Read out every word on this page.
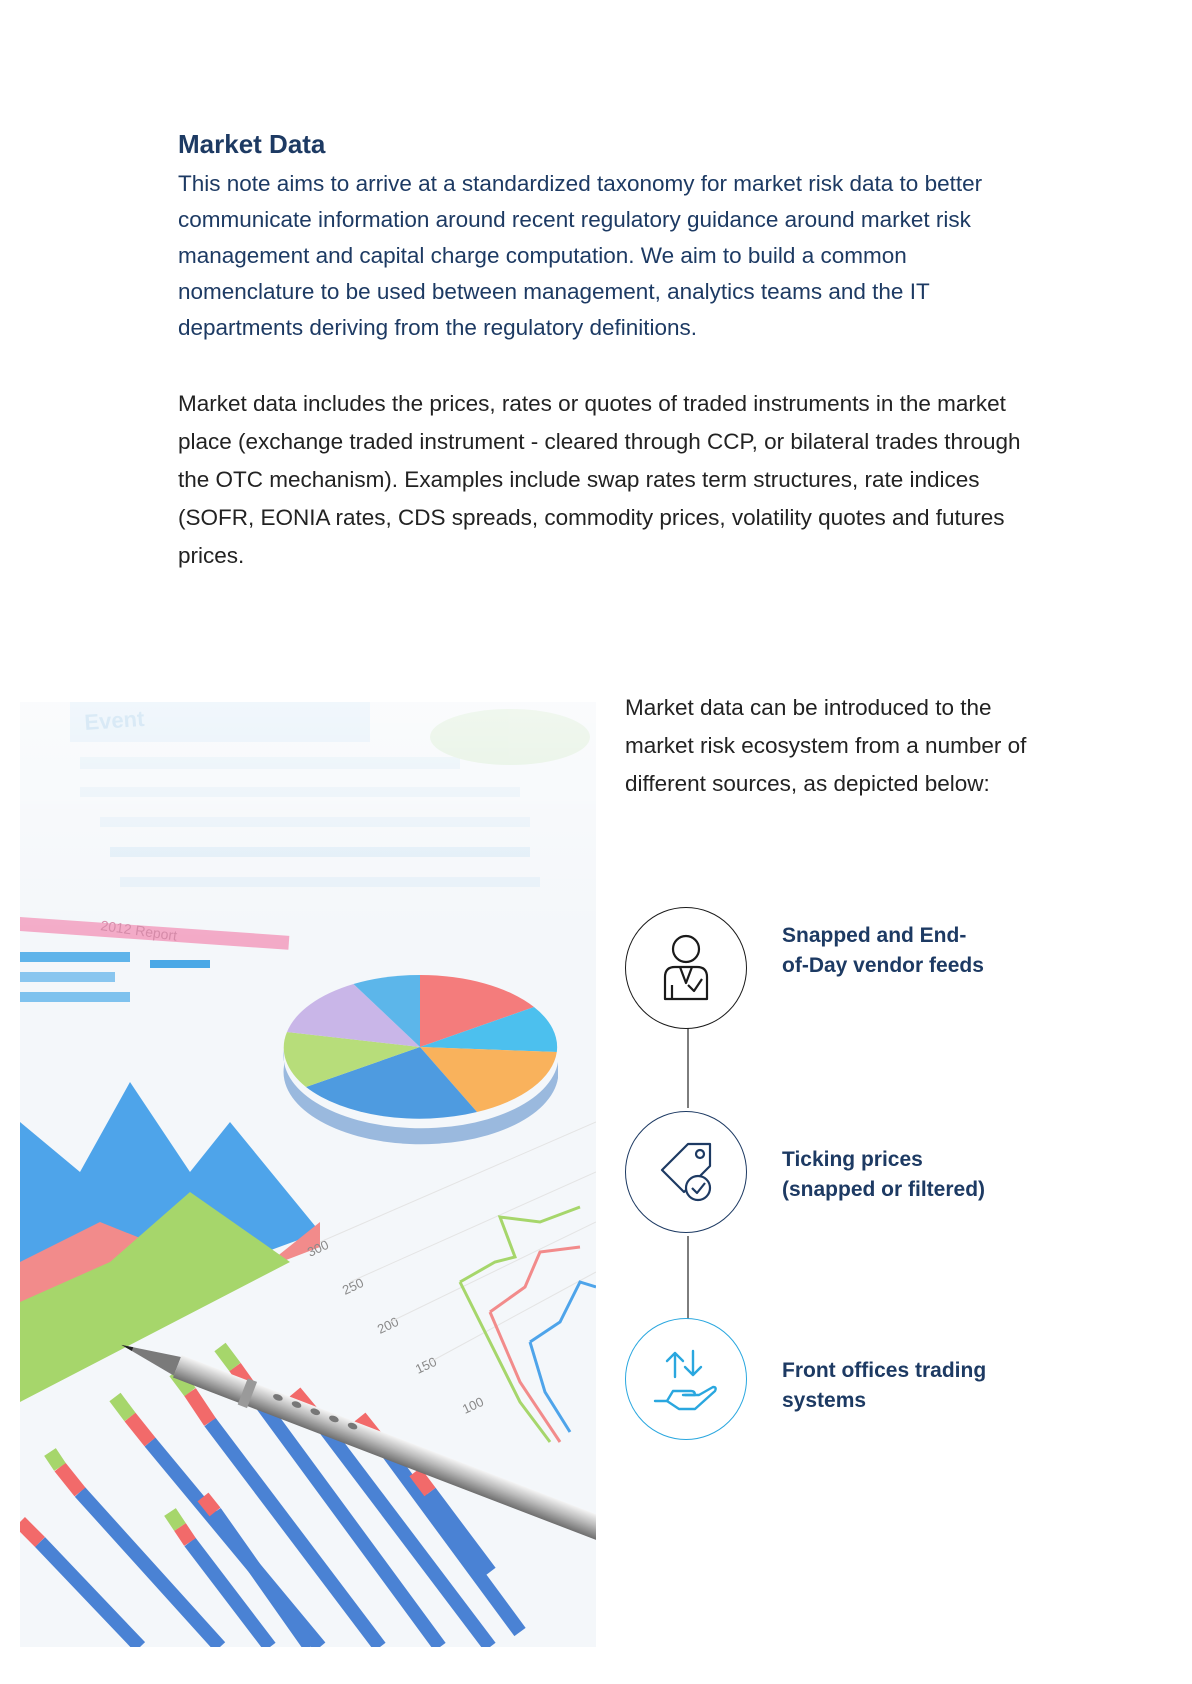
Market Data

This note aims to arrive at a standardized taxonomy for market risk data to better communicate information around recent regulatory guidance around market risk management and capital charge computation. We aim to build a common nomenclature to be used between management, analytics teams and the IT departments deriving from the regulatory definitions.

Market data includes the prices, rates or quotes of traded instruments in the market place (exchange traded instrument - cleared through CCP, or bilateral trades through the OTC mechanism). Examples include swap rates term structures, rate indices (SOFR, EONIA rates, CDS spreads, commodity prices, volatility quotes and futures prices.

Market data can be introduced to the market risk ecosystem from a number of different sources, as depicted below:

Snapped and End-of-Day vendor feeds

Ticking prices (snapped or filtered)

Front offices trading systems
